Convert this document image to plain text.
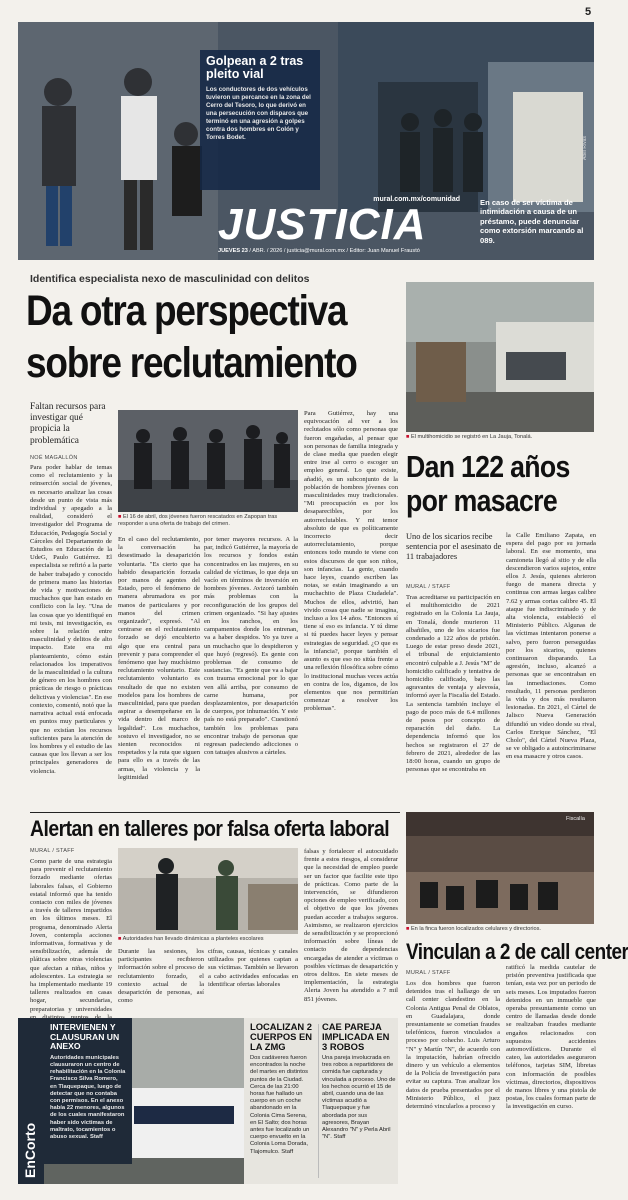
5
Golpean a 2 tras pleito vial
Los conductores de dos vehículos tuvieron un percance en la zona del Cerro del Tesoro, lo que derivó en una persecución con disparos que terminó en una agresión a golpes contra dos hombres en Colón y Torres Bodet.	Abel Rivas
mural.com.mx/comunidad
JUSTICIA
JUEVES 23 / ABR. / 2026 / justicia@mural.com.mx / Editor: Juan Manuel Fraustó
En caso de ser víctima de intimidación a causa de un préstamo, puede denunciar como extorsión marcando al 089.
Identifica especialista nexo de masculinidad con delitos
Da otra perspectiva
sobre reclutamiento
Faltan recursos para investigar qué propicia la problemática
NOÉ MAGALLÓN
■ El 16 de abril, dos jóvenes fueron rescatados en Zapopan tras responder a una oferta de trabajo del crimen.
Para poder hablar de temas como el reclutamiento y la reinserción social de jóvenes, es necesario analizar las cosas desde un punto de vista más individual y apegado a la realidad, consideró el investigador del Programa de Educación, Pedagogía Social y Cárceles del Departamento de Estudios en Educación de la UdeG, Paulo Gutiérrez. El especialista se refirió a la parte de haber trabajado y conocido de primera mano las historias de vida y motivaciones de muchachos que han estado en conflicto con la ley. "Una de las cosas que yo identifiqué en mi tesis, mi investigación, es sobre la relación entre masculinidad y delitos de alto impacto. Este era mi planteamiento, cómo están relacionados los imperativos de la masculinidad o la cultura de género en los hombres con prácticas de riesgo o prácticas delictivas y violencias". En ese contexto, comentó, notó que la narrativa actual está enfocada en puntos muy particulares y que no existían los recursos suficientes para la atención de los hombres y el estudio de las causas que los llevan a ser los principales generadores de violencia.
En el caso del reclutamiento, la conversación ha desestimado la desaparición voluntaria. "Es cierto que ha habido desaparición forzada por manos de agentes del Estado, pero el fenómeno de manera abrumadora es por manos de particulares y por manos del crimen organizado", expresó. "Al centrarse en el reclutamiento forzado se dejó encubierto algo que era central para prevenir y para comprender el fenómeno que hay muchísimo reclutamiento voluntario. Este reclutamiento voluntario es resultado de que no existen modelos para los hombres de masculinidad, para que puedan aspirar a desempeñarse en la vida dentro del marco de legalidad". Los muchachos, sostuvo el investigador, no se sienten reconocidos ni respetados y la ruta que siguen para ello es a través de las armas, la violencia y la legitimidad
por tener mayores recursos. A la par, indicó Gutiérrez, la mayoría de los recursos y fondos están concentrados en las mujeres, en su calidad de víctimas, lo que deja un vacío en términos de inversión en hombres jóvenes. Avizoró también más problemas con la reconfiguración de los grupos del crimen organizado. "Si hay ajustes en los ranchos, en los campamentos donde los entrenan, va a haber despidos. Yo ya tuve a un muchacho que lo despidieron y que huyó (regresó). Es gente con problemas de consumo de sustancias. "Es gente que va a bajar con trauma emocional por lo que ven allá arriba, por consumo de carne humana, por desplazamientos, por desaparición de cuerpos, por inhumación. Y este país no está preparado". Cuestionó también los problemas para encontrar trabajo de personas que regresan padeciendo adicciones o con tatuajes alusivos a cárteles.
Para Gutiérrez, hay una equivocación al ver a los reclutados sólo como personas que fueron engañadas, al pensar que son personas de familia integrada y de clase media que pueden elegir entre irse al cerro o escoger un empleo general. Lo que existe, añadió, es un subconjunto de la población de hombres jóvenes con masculinidades muy tradicionales. "Mi preocupación es por los desaparecibles, por los autorreclutables. Y mi temor absoluto de que es políticamente incorrecto decir autorreclutamiento, porque entonces todo mundo te viene con estos discursos de que son niños, son infancias. La gente, cuando hace leyes, cuando escriben las notas, se están imaginando a un muchachito de Plaza Ciudadela". Muchos de ellos, advirtió, han vivido cosas que nadie se imagina, incluso a los 14 años. "Entonces sí tiene sí eso es infancia. Y tú dime si tú puedes hacer leyes y pensar estrategias de seguridad. ¿O que es la infancia?, porque también el asunto es que eso no sitúa frente a una reflexión filosófica sobre cómo lo institucional muchas veces actúa en contra de los, digamos, de los elementos que nos permitirían comenzar a resolver los problemas".
■ El multihomicidio se registró en La Jauja, Tonalá.
Dan 122 años
por masacre
Uno de los sicarios recibe sentencia por el asesinato de 11 trabajadores
MURAL / STAFF
Tras acreditarse su participación en el multihomicidio de 2021 registrado en la Colonia La Jauja, en Tonalá, donde murieron 11 albañiles, uno de los sicarios fue condenado a 122 años de prisión. Luego de estar preso desde 2021, el tribunal de enjuiciamiento encontró culpable a J. Jesús "M" de homicidio calificado y tentativa de homicidio calificado, bajo las agravantes de ventaja y alevosía, informó ayer la Fiscalía del Estado. La sentencia también incluye el pago de poco más de 6.4 millones de pesos por concepto de reparación del daño. La dependencia informó que los hechos se registraron el 27 de febrero de 2021, alrededor de las 18:00 horas, cuando un grupo de personas que se encontraba en
la Calle Emiliano Zapata, en espera del pago por su jornada laboral. En ese momento, una camioneta llegó al sitio y de ella descendieron varios sujetos, entre ellos J. Jesús, quienes abrieron fuego de manera directa y continua con armas largas calibre 7.62 y armas cortas calibre 45. El ataque fue indiscriminado y de alta violencia, estableció el Ministerio Público. Algunas de las víctimas intentaron ponerse a salvo, pero fueron perseguidas por los sicarios, quienes continuaron disparando. La agresión, incluso, alcanzó a personas que se encontraban en las inmediaciones. Como resultado, 11 personas perdieron la vida y dos más resultaron lesionadas. En 2021, el Cártel de Jalisco Nueva Generación difundió un video donde su rival, Carlos Enrique Sánchez, "El Cholo", del Cártel Nueva Plaza, se ve obligado a autoincriminarse en esa masacre y otros casos.
Alertan en talleres por falsa oferta laboral
MURAL / STAFF
Como parte de una estrategia para prevenir el reclutamiento forzado mediante ofertas laborales falsas, el Gobierno estatal informó que ha tenido contacto con miles de jóvenes a través de talleres impartidos en los últimos meses. El programa, denominado Alerta Joven, contempla acciones informativas, formativas y de sensibilización, además de pláticas sobre otras violencias que afectan a niñas, niños y adolescentes. La estrategia se ha implementado mediante 19 talleres realizados en casas hogar, secundarias, preparatorias y universidades
■ Autoridades han llevado dinámicas a planteles escolares
Durante las sesiones, los participantes recibieron información sobre el proceso de reclutamiento forzado, el contexto actual de la desaparición de personas, así como
cifras, causas, técnicas y canales utilizados por quienes captan a sus víctimas. También se llevaron a cabo actividades enfocadas en identificar ofertas laborales
falsas y fortalecer el autocuidado frente a estos riesgos, al considerar que la necesidad de empleo puede ser un factor que facilite este tipo de prácticas. Como parte de la intervención, se difundieron opciones de empleo verificado, con el objetivo de que los jóvenes puedan acceder a trabajos seguros. Asimismo, se realizaron ejercicios de sensibilización y se proporcionó información sobre líneas de contacto de dependencias encargadas de atender a víctimas o posibles víctimas de desaparición y otros delitos. En siete meses de implementación, la estrategia Alerta Joven ha atendido a 7 mil 851 jóvenes.
Fiscalía
■ En la finca fueron localizados celulares y directorios.
Vinculan a 2 de call center
MURAL / STAFF
Los dos hombres que fueron detenidos tras el hallazgo de un call center clandestino en la Colonia Antigua Penal de Oblatos, en Guadalajara, donde presuntamente se cometían fraudes telefónicos, fueron vinculados a proceso por cohecho. Luis Arturo "N" y Martín "N", de acuerdo con la imputación, habrían ofrecido dinero y un vehículo a elementos de la Policía de Investigación para evitar su captura. Tras analizar los datos de prueba presentados por el Ministerio Público, el juez determinó vincularlos a proceso y
ratificó la medida cautelar de prisión preventiva justificada que tenían, esta vez por un periodo de seis meses. Los imputados fueron detenidos en un inmueble que operaba presuntamente como un centro de llamadas desde donde se realizaban fraudes mediante engaños relacionados con supuestos accidentes automovilísticos. Durante el cateo, las autoridades aseguraron teléfonos, tarjetas SIM, libretas con información de posibles víctimas, directorios, dispositivos de manos libres y una pistola de postas, los cuales forman parte de la investigación en curso.
EnCorto
INTERVIENEN Y CLAUSURAN UN ANEXO
Autoridades municipales clausuraron un centro de rehabilitación en la Colonia Francisco Silva Romero, en Tlaquepaque, luego de detectar que no contaba con permisos. En el anexo había 22 menores, algunos de los cuales manifestaron haber sido víctimas de maltrato, tocamientos o abuso sexual. Staff
LOCALIZAN 2 CUERPOS EN LA ZMG
Dos cadáveres fueron encontrados la noche del martes en distintos puntos de la Ciudad. Cerca de las 21:00 horas fue hallado un cuerpo en un coche abandonado en la Colonia Cima Serena, en El Salto; dos horas antes fue localizado un cuerpo envuelto en la Colonia Loma Dorada, Tlajomulco. Staff
CAE PAREJA IMPLICADA EN 3 ROBOS
Una pareja involucrada en tres robos a repartidores de comida fue capturada y vinculada a proceso. Uno de los hechos ocurrió el 15 de abril, cuando una de las víctimas acudió a Tlaquepaque y fue abordada por sus agresores, Brayan Alexandro "N" y Perla Abril "N". Staff
